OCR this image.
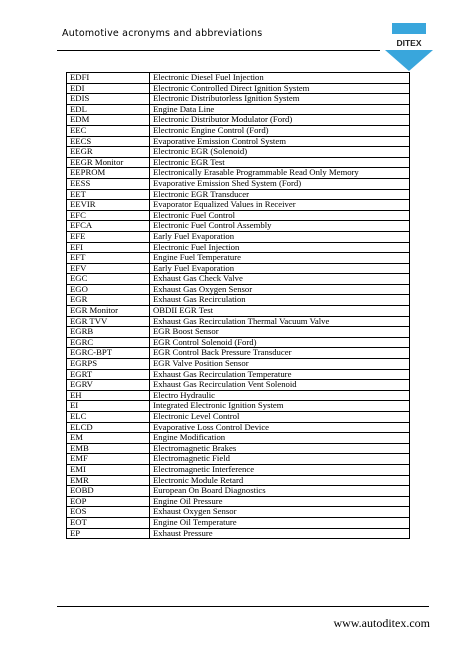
Automotive acronyms and abbreviations
DITEX
EDFI	Electronic Diesel Fuel Injection
EDI	Electronic Controlled Direct Ignition System
EDIS	Electronic Distributorless Ignition System
EDL	Engine Data Line
EDM	Electronic Distributor Modulator (Ford)
EEC	Electronic Engine Control (Ford)
EECS	Evaporative Emission Control System
EEGR	Electronic EGR (Solenoid)
EEGR Monitor	Electronic EGR Test
EEPROM	Electronically Erasable Programmable Read Only Memory
EESS	Evaporative Emission Shed System (Ford)
EET	Electronic EGR Transducer
EEVIR	Evaporator Equalized Values in Receiver
EFC	Electronic Fuel Control
EFCA	Electronic Fuel Control Assembly
EFE	Early Fuel Evaporation
EFI	Electronic Fuel Injection
EFT	Engine Fuel Temperature
EFV	Early Fuel Evaporation
EGC	Exhaust Gas Check Valve
EGO	Exhaust Gas Oxygen Sensor
EGR	Exhaust Gas Recirculation
EGR Monitor	OBDII EGR Test
EGR TVV	Exhaust Gas Recirculation Thermal Vacuum Valve
EGRB	EGR Boost Sensor
EGRC	EGR Control Solenoid (Ford)
EGRC-BPT	EGR Control Back Pressure Transducer
EGRPS	EGR Valve Position Sensor
EGRT	Exhaust Gas Recirculation Temperature
EGRV	Exhaust Gas Recirculation Vent Solenoid
EH	Electro Hydraulic
EI	Integrated Electronic Ignition System
ELC	Electronic Level Control
ELCD	Evaporative Loss Control Device
EM	Engine Modification
EMB	Electromagnetic Brakes
EMF	Electromagnetic Field
EMI	Electromagnetic Interference
EMR	Electronic Module Retard
EOBD	European On Board Diagnostics
EOP	Engine Oil Pressure
EOS	Exhaust Oxygen Sensor
EOT	Engine Oil Temperature
EP	Exhaust Pressure
www.autoditex.com
